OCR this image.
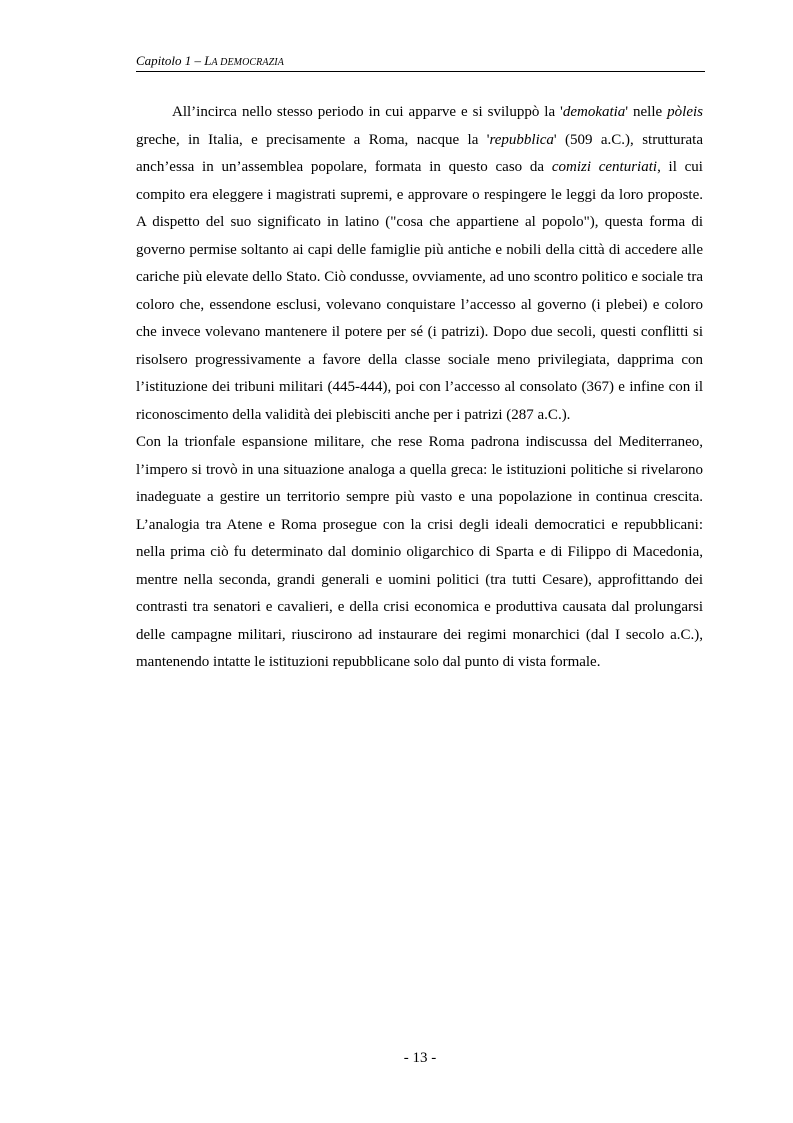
Capitolo 1 – LA DEMOCRAZIA

All’incirca nello stesso periodo in cui apparve e si sviluppò la 'demokatia' nelle pòleis greche, in Italia, e precisamente a Roma, nacque la 'repubblica' (509 a.C.), strutturata anch’essa in un’assemblea popolare, formata in questo caso da comizi centuriati, il cui compito era eleggere i magistrati supremi, e approvare o respingere le leggi da loro proposte. A dispetto del suo significato in latino ("cosa che appartiene al popolo"), questa forma di governo permise soltanto ai capi delle famiglie più antiche e nobili della città di accedere alle cariche più elevate dello Stato. Ciò condusse, ovviamente, ad uno scontro politico e sociale tra coloro che, essendone esclusi, volevano conquistare l’accesso al governo (i plebei) e coloro che invece volevano mantenere il potere per sé (i patrizi). Dopo due secoli, questi conflitti si risolsero progressivamente a favore della classe sociale meno privilegiata, dapprima con l’istituzione dei tribuni militari (445-444), poi con l’accesso al consolato (367) e infine con il riconoscimento della validità dei plebisciti anche per i patrizi (287 a.C.).

Con la trionfale espansione militare, che rese Roma padrona indiscussa del Mediterraneo, l’impero si trovò in una situazione analoga a quella greca: le istituzioni politiche si rivelarono inadeguate a gestire un territorio sempre più vasto e una popolazione in continua crescita. L’analogia tra Atene e Roma prosegue con la crisi degli ideali democratici e repubblicani: nella prima ciò fu determinato dal dominio oligarchico di Sparta e di Filippo di Macedonia, mentre nella seconda, grandi generali e uomini politici (tra tutti Cesare), approfittando dei contrasti tra senatori e cavalieri, e della crisi economica e produttiva causata dal prolungarsi delle campagne militari, riuscirono ad instaurare dei regimi monarchici (dal I secolo a.C.), mantenendo intatte le istituzioni repubblicane solo dal punto di vista formale.

- 13 -
